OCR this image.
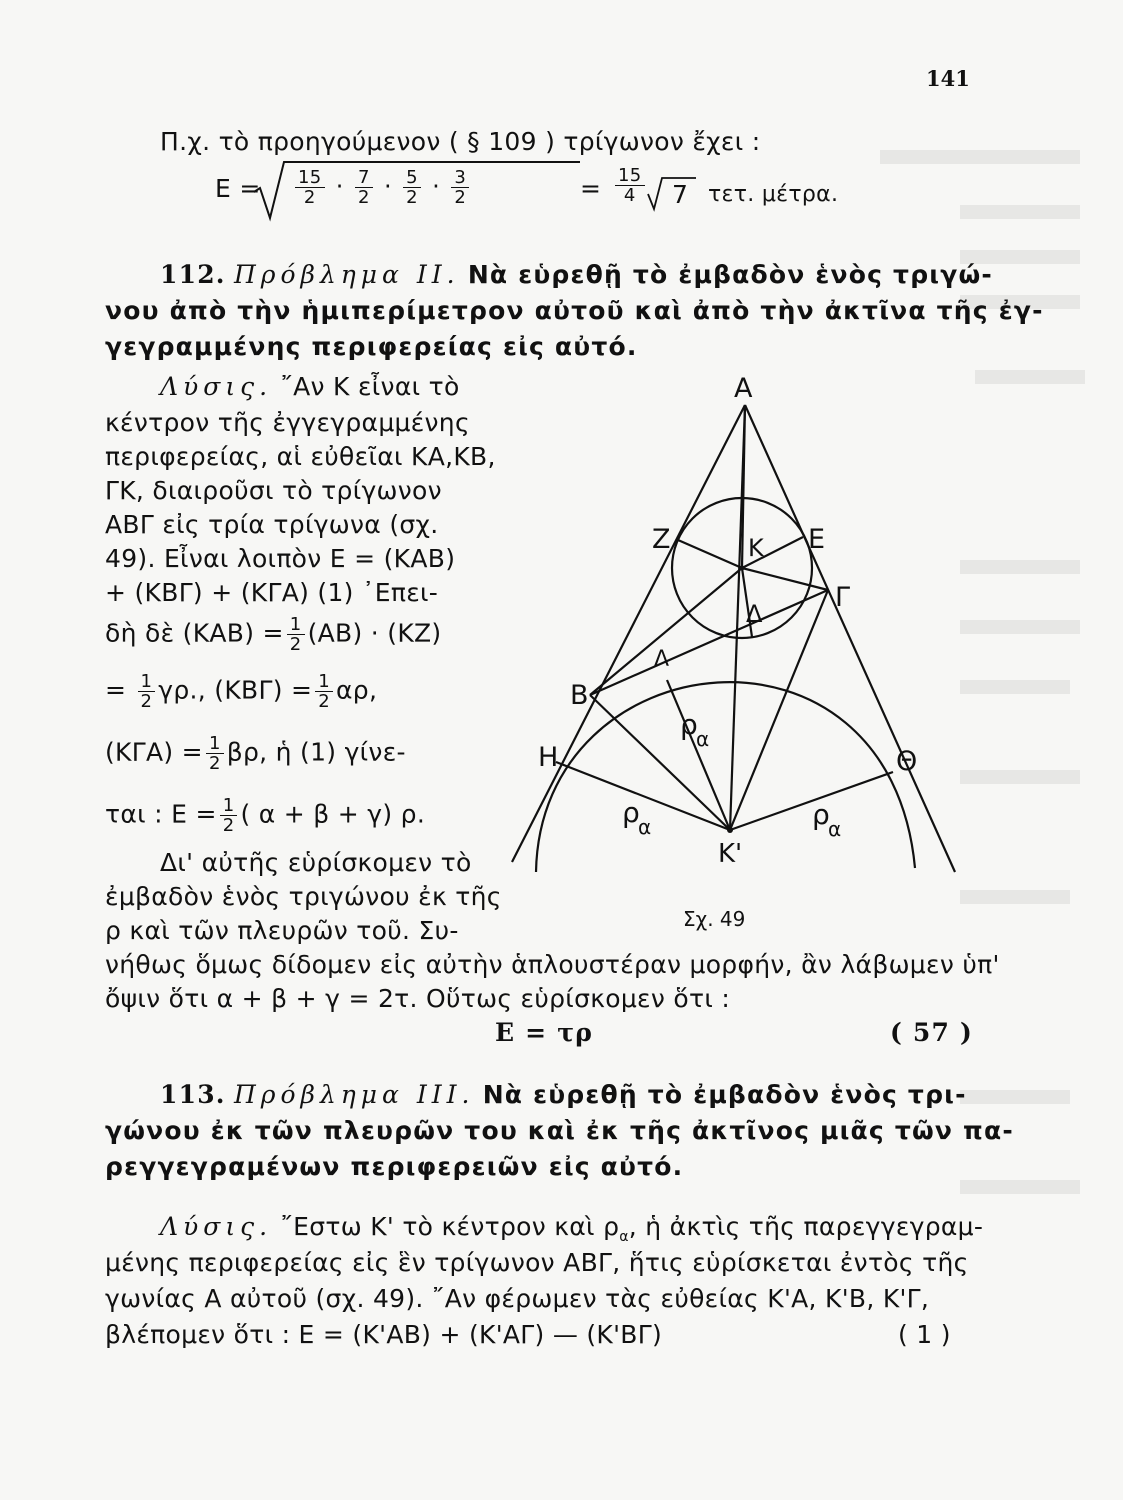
141
Π.χ. τὸ προηγούμενον ( § 109 ) τρίγωνον ἔχει :
$E = \frac{15}{2} \cdot \frac{7}{2} \cdot \frac{5}{2} \cdot \frac{3}{2}$	= $\frac{15}{4} 7$ τετ. μέτρα.
112. Πρόβλημα ΙΙ. Νὰ εὑρεθῇ τὸ ἐμβαδὸν ἑνὸς τριγώ-
νου ἀπὸ τὴν ἡμιπερίμετρον αὐτοῦ καὶ ἀπὸ τὴν ἀκτῖνα τῆς ἐγ-
γεγραμμένης περιφερείας εἰς αὐτό.
Λύσις. ῎Αν Κ εἶναι τὸ
κέντρον τῆς ἐγγεγραμμένης
περιφερείας, αἱ εὐθεῖαι ΚΑ,ΚΒ,
ΓΚ, διαιροῦσι τὸ τρίγωνον
ΑΒΓ εἰς τρία τρίγωνα (σχ.
49). Εἶναι λοιπὸν Ε = (ΚΑΒ)
+ (ΚΒΓ) + (ΚΓΑ) (1) ᾿Επει-
δὴ δὲ $(KAB) = \frac{1}{2} (AB) \cdot (KZ)$
= $\frac{1}{2} \gamma\rho$., $(KB\Gamma) = \frac{1}{2} \alpha\rho$,
$(K\Gamma A) = \frac{1}{2} \beta\rho$, ἡ (1) γίνε-
ται : $E = \frac{1}{2}$ ( α + β + γ) ρ.
Δι' αὐτῆς εὑρίσκομεν τὸ
ἐμβαδὸν ἑνὸς τριγώνου ἐκ τῆς
ρ καὶ τῶν πλευρῶν τοῦ. Συ-
νήθως ὅμως δίδομεν εἰς αὐτὴν ἁπλουστέραν μορφήν, ἂν λάβωμεν ὑπ'
ὄψιν ὅτι α + β + γ = 2τ. Οὕτως εὑρίσκομεν ὅτι :
Ε = τρ	( 57 )
Α
Ζ	Κ Ε
Γ
Δ
Λ
Β
Η	Θ
Κ'
ρ
α
ρ
α	ρ
α
Σχ. 49
113. Πρόβλημα ΙΙΙ. Νὰ εὑρεθῇ τὸ ἐμβαδὸν ἑνὸς τρι-
γώνου ἐκ τῶν πλευρῶν του καὶ ἐκ τῆς ἀκτῖνος μιᾶς τῶν πα-
ρεγγεγραμένων περιφερειῶν εἰς αὐτό.
Λύσις. ῎Εστω Κ' τὸ κέντρον καὶ $\rho_\alpha$, ἡ ἀκτὶς τῆς παρεγγεγραμ-
μένης περιφερείας εἰς ἓν τρίγωνον ΑΒΓ, ἥτις εὑρίσκεται ἐντὸς τῆς
γωνίας Α αὐτοῦ (σχ. 49). ῎Αν φέρωμεν τὰς εὐθείας Κ'Α, Κ'Β, Κ'Γ,
βλέπομεν ὅτι : Ε = (Κ'ΑΒ) + (Κ'ΑΓ) — (Κ'ΒΓ)	( 1 )
